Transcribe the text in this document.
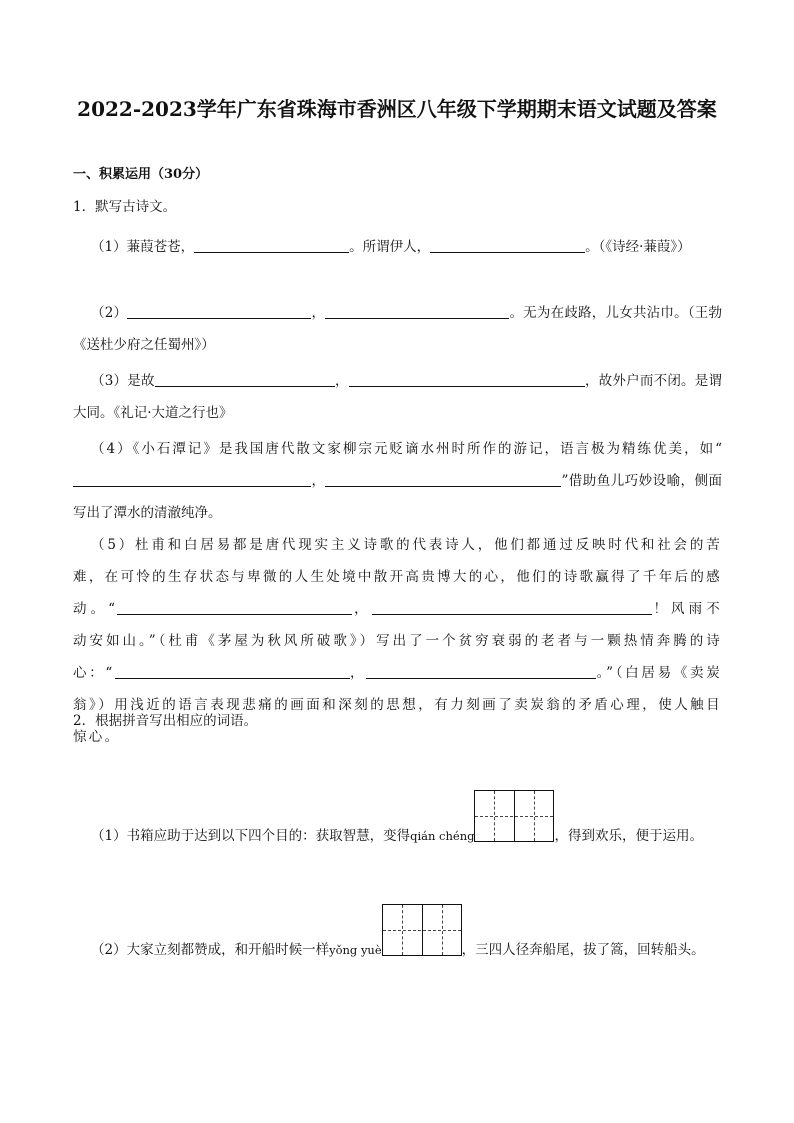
2022-2023学年广东省珠海市香洲区八年级下学期期末语文试题及答案
一、积累运用（30分）
1．默写古诗文。
（1）蒹葭苍苍，	。所谓伊人，	。（《诗经·蒹葭》）
（2）	，	。无为在歧路，儿女共沾巾。（王勃《送杜少府之任蜀州》）
（3）是故	，	，故外户而不闭。是谓大同。《礼记·大道之行也》
（4）《小石潭记》是我国唐代散文家柳宗元贬谪水州时所作的游记，语言极为精练优美，如“，	”借助鱼儿巧妙设喻，侧面写出了潭水的清澈纯净。
（5）杜甫和白居易都是唐代现实主义诗歌的代表诗人，他们都通过反映时代和社会的苦难，在可怜的生存状态与卑微的人生处境中散开高贵博大的心，他们的诗歌赢得了千年后的感动。“	，	！风雨不动安如山。”（杜甫《茅屋为秋风所破歌》）写出了一个贫穷衰弱的老者与一颗热情奔腾的诗心：“	，	。”（白居易《卖炭翁》）用浅近的语言表现悲痛的画面和深刻的思想，有力刻画了卖炭翁的矛盾心理，使人触目惊心。
2．根据拼音写出相应的词语。
（1）书箱应助于达到以下四个目的：获取智慧，变得qián chéng	，得到欢乐，便于运用。
（2）大家立刻都赞成，和开船时候一样yǒng yuè	，三四人径奔船尾，拔了篙，回转船头。
